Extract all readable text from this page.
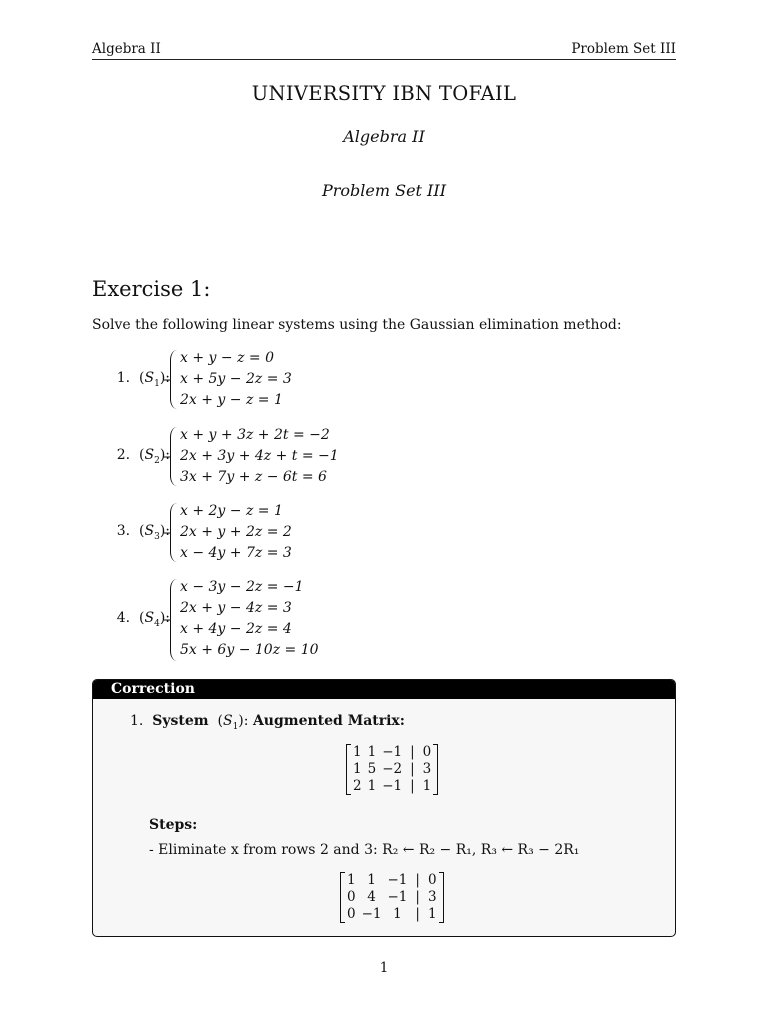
Algebra II	Problem Set III
UNIVERSITY IBN TOFAIL
Algebra II
Problem Set III
Exercise 1:
Solve the following linear systems using the Gaussian elimination method:
1.  $(S_1)$:
x + y − z = 0
x + 5y − 2z = 3
2x + y − z = 1
2.  $(S_2)$:
x + y + 3z + 2t = −2
2x + 3y + 4z + t = −1
3x + 7y + z − 6t = 6
3.  $(S_3)$:
x + 2y − z = 1
2x + y + 2z = 2
x − 4y + 7z = 3
4.  $(S_4)$:
x − 3y − 2z = −1
2x + y − 4z = 3
x + 4y − 2z = 4
5x + 6y − 10z = 10
Correction
1. System  $(S_1)$: Augmented Matrix:
1	1	−1	|	0
1	5	−2	|	3
2	1	−1	|	1
Steps:
- Eliminate x from rows 2 and 3: R₂ ← R₂ − R₁, R₃ ← R₃ − 2R₁
1	1	−1	|	0
0	4	−1	|	3
0	−1	1	|	1
1
